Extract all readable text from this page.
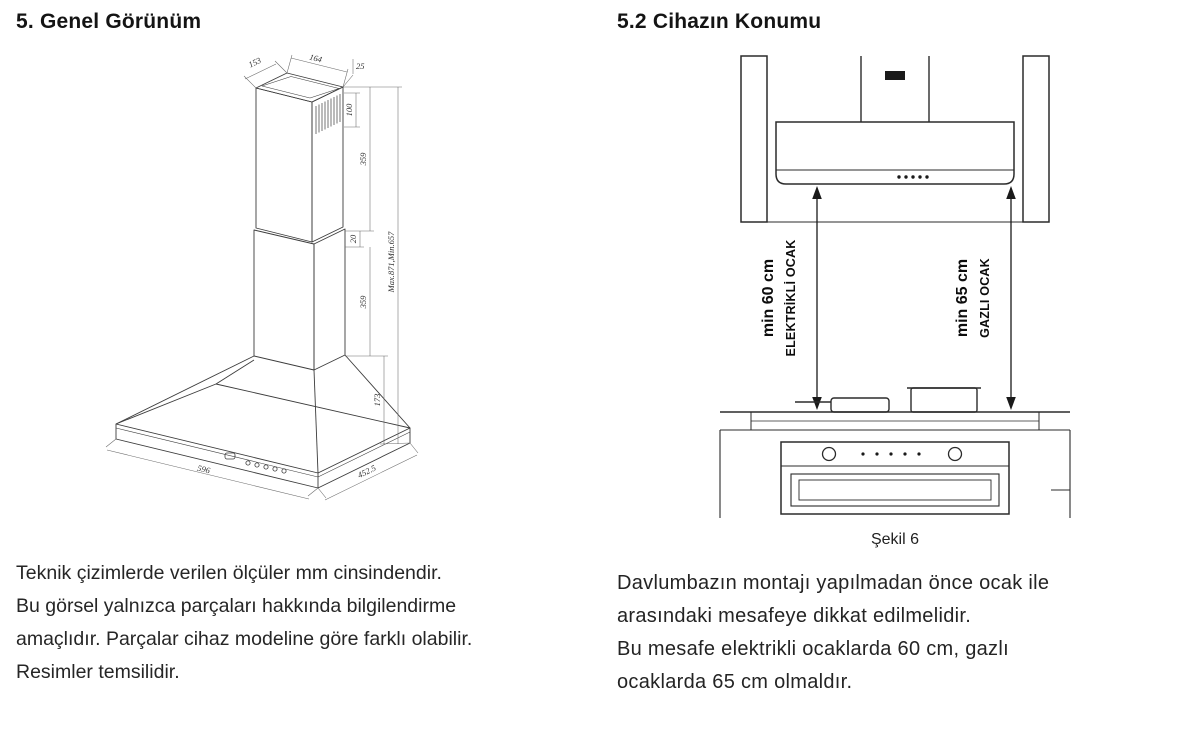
5. Genel Görünüm
25
164
153
100
359
20
359
173
Max.871,Min.657
596	452.5
Teknik çizimlerde verilen ölçüler mm cinsindendir.
Bu görsel yalnızca parçaları hakkında bilgilendirme
amaçlıdır. Parçalar cihaz modeline göre farklı olabilir.
Resimler temsilidir.
5.2 Cihazın Konumu
min 60 cm ELEKTRİKLİ OCAK	min 65 cm GAZLI OCAK
Şekil 6
Davlumbazın montajı yapılmadan önce ocak ile
arasındaki mesafeye dikkat edilmelidir.
Bu mesafe elektrikli ocaklarda 60 cm, gazlı
ocaklarda 65 cm olmaldır.
